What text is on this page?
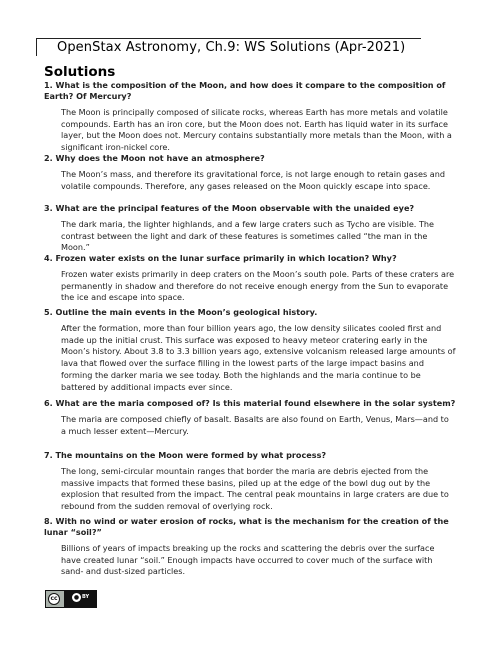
OpenStax Astronomy, Ch.9: WS Solutions (Apr-2021)
Solutions
1. What is the composition of the Moon, and how does it compare to the composition of Earth? Of Mercury?
The Moon is principally composed of silicate rocks, whereas Earth has more metals and volatile compounds. Earth has an iron core, but the Moon does not. Earth has liquid water in its surface layer, but the Moon does not. Mercury contains substantially more metals than the Moon, with a significant iron-nickel core.
2. Why does the Moon not have an atmosphere?
The Moon’s mass, and therefore its gravitational force, is not large enough to retain gases and volatile compounds. Therefore, any gases released on the Moon quickly escape into space.
3. What are the principal features of the Moon observable with the unaided eye?
The dark maria, the lighter highlands, and a few large craters such as Tycho are visible. The contrast between the light and dark of these features is sometimes called “the man in the Moon.”
4. Frozen water exists on the lunar surface primarily in which location? Why?
Frozen water exists primarily in deep craters on the Moon’s south pole. Parts of these craters are permanently in shadow and therefore do not receive enough energy from the Sun to evaporate the ice and escape into space.
5. Outline the main events in the Moon’s geological history.
After the formation, more than four billion years ago, the low density silicates cooled first and made up the initial crust. This surface was exposed to heavy meteor cratering early in the Moon’s history. About 3.8 to 3.3 billion years ago, extensive volcanism released large amounts of lava that flowed over the surface filling in the lowest parts of the large impact basins and forming the darker maria we see today. Both the highlands and the maria continue to be battered by additional impacts ever since.
6. What are the maria composed of? Is this material found elsewhere in the solar system?
The maria are composed chiefly of basalt. Basalts are also found on Earth, Venus, Mars—and to a much lesser extent—Mercury.
7. The mountains on the Moon were formed by what process?
The long, semi-circular mountain ranges that border the maria are debris ejected from the massive impacts that formed these basins, piled up at the edge of the bowl dug out by the explosion that resulted from the impact. The central peak mountains in large craters are due to rebound from the sudden removal of overlying rock.
8. With no wind or water erosion of rocks, what is the mechanism for the creation of the lunar “soil?”
Billions of years of impacts breaking up the rocks and scattering the debris over the surface have created lunar “soil.” Enough impacts have occurred to cover much of the surface with sand- and dust-sized particles.
cc	● BY
